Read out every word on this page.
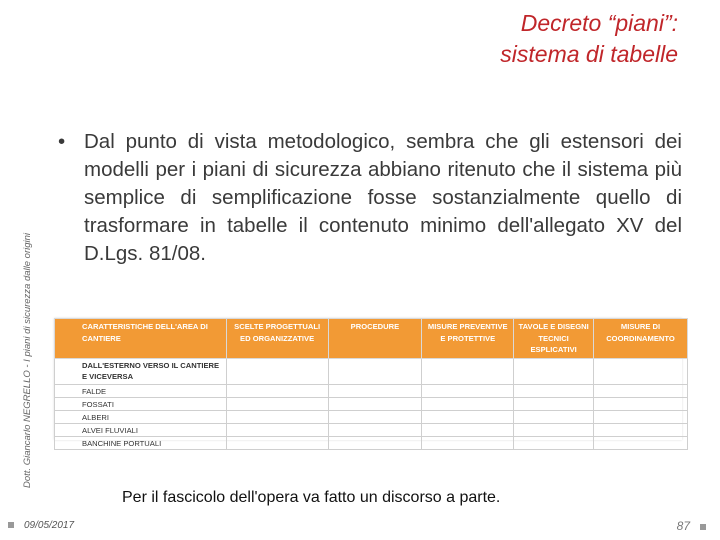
Decreto “piani”:
sistema di tabelle
Dott. Giancarlo NEGRELLO - I piani di sicurezza dalle origini
• Dal punto di vista metodologico, sembra che gli estensori dei modelli per i piani di sicurezza abbiano ritenuto che il sistema più semplice di semplificazione fosse sostanzialmente quello di trasformare in tabelle il contenuto minimo dell'allegato XV del D.Lgs. 81/08.
CARATTERISTICHE DELL'AREA DI CANTIERE	SCELTE PROGETTUALI ED ORGANIZZATIVE	PROCEDURE	MISURE PREVENTIVE E PROTETTIVE	TAVOLE E DISEGNI TECNICI ESPLICATIVI	MISURE DI COORDINAMENTO
DALL'ESTERNO VERSO IL CANTIERE E VICEVERSA					
FALDE					
FOSSATI					
ALBERI					
ALVEI FLUVIALI					
BANCHINE PORTUALI					
Per il fascicolo dell'opera va fatto un discorso a parte.
09/05/2017	87
